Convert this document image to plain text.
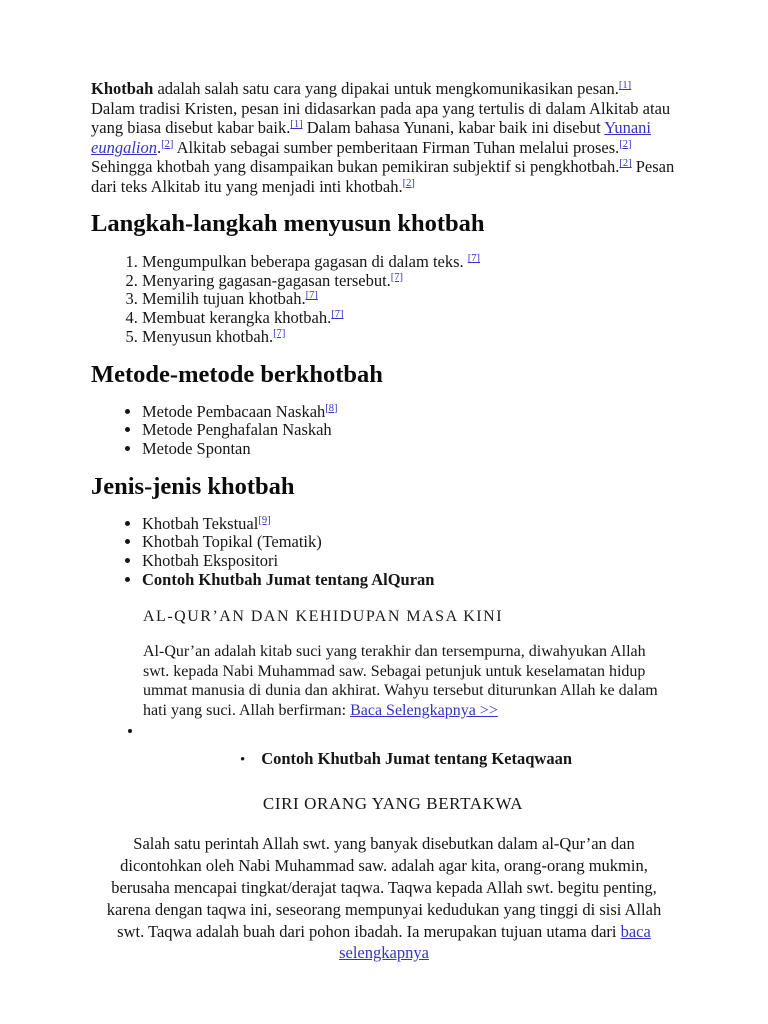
Khotbah adalah salah satu cara yang dipakai untuk mengkomunikasikan pesan.[1] Dalam tradisi Kristen, pesan ini didasarkan pada apa yang tertulis di dalam Alkitab atau yang biasa disebut kabar baik.[1] Dalam bahasa Yunani, kabar baik ini disebut Yunani eungalion.[2] Alkitab sebagai sumber pemberitaan Firman Tuhan melalui proses.[2] Sehingga khotbah yang disampaikan bukan pemikiran subjektif si pengkhotbah.[2] Pesan dari teks Alkitab itu yang menjadi inti khotbah.[2]

Langkah-langkah menyusun khotbah
1. Mengumpulkan beberapa gagasan di dalam teks. [7]
2. Menyaring gagasan-gagasan tersebut.[7]
3. Memilih tujuan khotbah.[7]
4. Membuat kerangka khotbah.[7]
5. Menyusun khotbah.[7]
Metode-metode berkhotbah
• Metode Pembacaan Naskah[8]
• Metode Penghafalan Naskah
• Metode Spontan
Jenis-jenis khotbah
• Khotbah Tekstual[9]
• Khotbah Topikal (Tematik)
• Khotbah Ekspositori
• Contoh Khutbah Jumat tentang AlQuran
AL-QUR’AN DAN KEHIDUPAN MASA KINI

Al-Qur’an adalah kitab suci yang terakhir dan tersempurna, diwahyukan Allah swt. kepada Nabi Muhammad saw. Sebagai petunjuk untuk keselamatan hidup ummat manusia di dunia dan akhirat. Wahyu tersebut diturunkan Allah ke dalam hati yang suci. Allah berfirman: Baca Selengkapnya >>

•
• Contoh Khutbah Jumat tentang Ketaqwaan
CIRI ORANG YANG BERTAKWA

Salah satu perintah Allah swt. yang banyak disebutkan dalam al-Qur’an dan dicontohkan oleh Nabi Muhammad saw. adalah agar kita, orang-orang mukmin, berusaha mencapai tingkat/derajat taqwa. Taqwa kepada Allah swt. begitu penting, karena dengan taqwa ini, seseorang mempunyai kedudukan yang tinggi di sisi Allah swt. Taqwa adalah buah dari pohon ibadah. Ia merupakan tujuan utama dari baca selengkapnya
